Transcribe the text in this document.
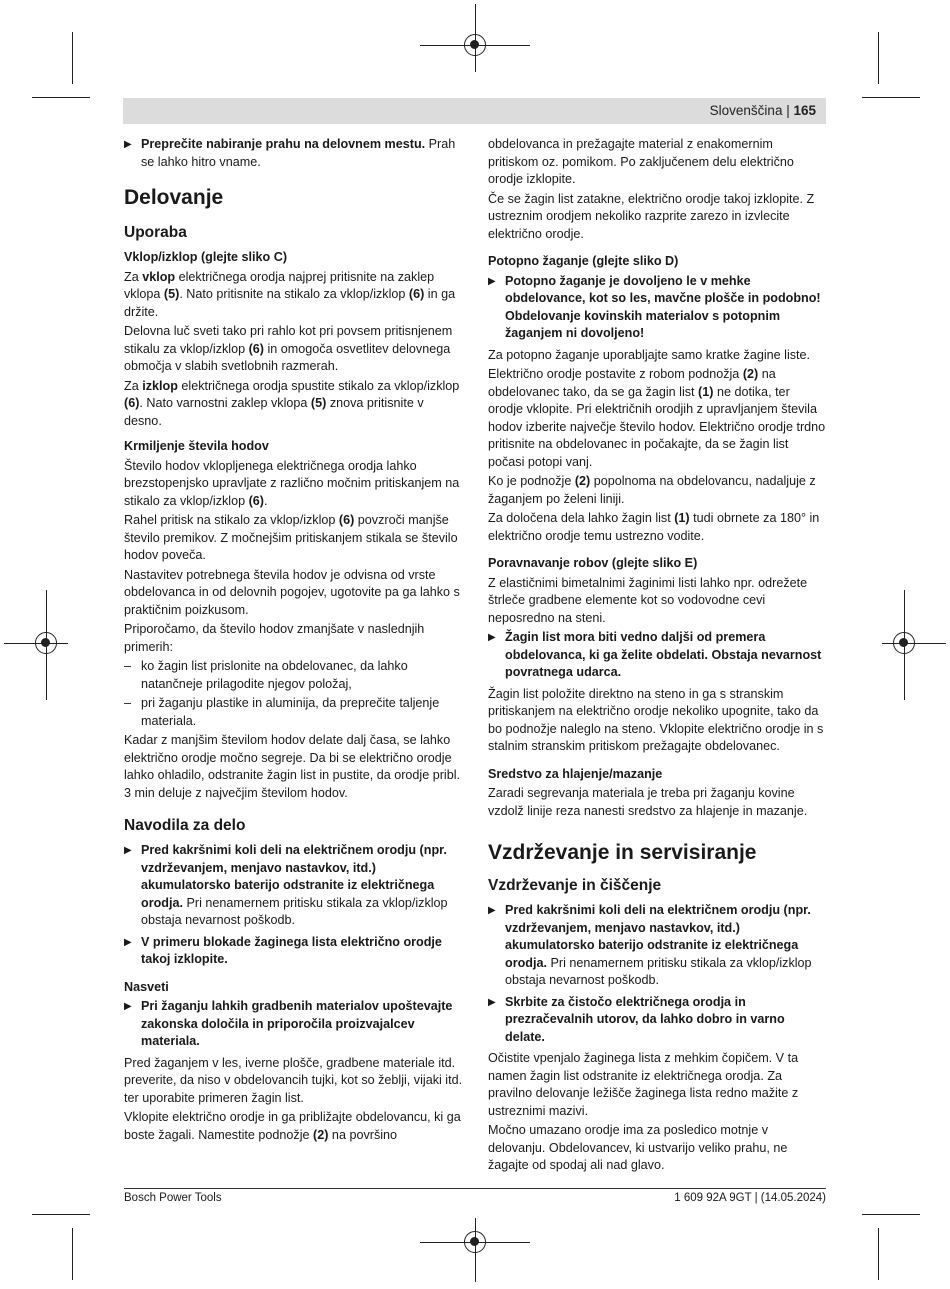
Slovenščina | 165

▶ Preprečite nabiranje prahu na delovnem mestu. Prah se lahko hitro vname.

Delovanje
Uporaba
Vklop/izklop (glejte sliko C)

Za vklop električnega orodja najprej pritisnite na zaklep vklopa (5). Nato pritisnite na stikalo za vklop/izklop (6) in ga držite.

Delovna luč sveti tako pri rahlo kot pri povsem pritisnjenem stikalu za vklop/izklop (6) in omogoča osvetlitev delovnega območja v slabih svetlobnih razmerah.

Za izklop električnega orodja spustite stikalo za vklop/izklop (6). Nato varnostni zaklep vklopa (5) znova pritisnite v desno.

Krmiljenje števila hodov

Število hodov vklopljenega električnega orodja lahko brezstopenjsko upravljate z različno močnim pritiskanjem na stikalo za vklop/izklop (6).

Rahel pritisk na stikalo za vklop/izklop (6) povzroči manjše število premikov. Z močnejšim pritiskanjem stikala se število hodov poveča.

Nastavitev potrebnega števila hodov je odvisna od vrste obdelovanca in od delovnih pogojev, ugotovite pa ga lahko s praktičnim poizkusom.

Priporočamo, da število hodov zmanjšate v naslednjih primerih:

– ko žagin list prislonite na obdelovanec, da lahko natančneje prilagodite njegov položaj,

– pri žaganju plastike in aluminija, da preprečite taljenje materiala.

Kadar z manjšim številom hodov delate dalj časa, se lahko električno orodje močno segreje. Da bi se električno orodje lahko ohladilo, odstranite žagin list in pustite, da orodje pribl. 3 min deluje z največjim številom hodov.

Navodila za delo

▶ Pred kakršnimi koli deli na električnem orodju (npr. vzdrževanjem, menjavo nastavkov, itd.) akumulatorsko baterijo odstranite iz električnega orodja. Pri nenamernem pritisku stikala za vklop/izklop obstaja nevarnost poškodb.

▶ V primeru blokade žaginega lista električno orodje takoj izklopite.

Nasveti

▶ Pri žaganju lahkih gradbenih materialov upoštevajte zakonska določila in priporočila proizvajalcev materiala.

Pred žaganjem v les, iverne plošče, gradbene materiale itd. preverite, da niso v obdelovancih tujki, kot so žeblji, vijaki itd. ter uporabite primeren žagin list.

Vklopite električno orodje in ga približajte obdelovancu, ki ga boste žagali. Namestite podnožje (2) na površino

obdelovanca in prežagajte material z enakomernim pritiskom oz. pomikom. Po zaključenem delu električno orodje izklopite.

Če se žagin list zatakne, električno orodje takoj izklopite. Z ustreznim orodjem nekoliko razprite zarezo in izvlecite električno orodje.

Potopno žaganje (glejte sliko D)

▶ Potopno žaganje je dovoljeno le v mehke obdelovance, kot so les, mavčne plošče in podobno! Obdelovanje kovinskih materialov s potopnim žaganjem ni dovoljeno!

Za potopno žaganje uporabljajte samo kratke žagine liste.

Električno orodje postavite z robom podnožja (2) na obdelovanec tako, da se ga žagin list (1) ne dotika, ter orodje vklopite. Pri električnih orodjih z upravljanjem števila hodov izberite največje število hodov. Električno orodje trdno pritisnite na obdelovanec in počakajte, da se žagin list počasi potopi vanj.

Ko je podnožje (2) popolnoma na obdelovancu, nadaljuje z žaganjem po želeni liniji.

Za določena dela lahko žagin list (1) tudi obrnete za 180° in električno orodje temu ustrezno vodite.

Poravnavanje robov (glejte sliko E)

Z elastičnimi bimetalnimi žaginimi listi lahko npr. odrežete štrleče gradbene elemente kot so vodovodne cevi neposredno na steni.

▶ Žagin list mora biti vedno daljši od premera obdelovanca, ki ga želite obdelati. Obstaja nevarnost povratnega udarca.

Žagin list položite direktno na steno in ga s stranskim pritiskanjem na električno orodje nekoliko upognite, tako da bo podnožje naleglo na steno. Vklopite električno orodje in s stalnim stranskim pritiskom prežagajte obdelovanec.

Sredstvo za hlajenje/mazanje

Zaradi segrevanja materiala je treba pri žaganju kovine vzdolž linije reza nanesti sredstvo za hlajenje in mazanje.

Vzdrževanje in servisiranje
Vzdrževanje in čiščenje

▶ Pred kakršnimi koli deli na električnem orodju (npr. vzdrževanjem, menjavo nastavkov, itd.) akumulatorsko baterijo odstranite iz električnega orodja. Pri nenamernem pritisku stikala za vklop/izklop obstaja nevarnost poškodb.

▶ Skrbite za čistočo električnega orodja in prezračevalnih utorov, da lahko dobro in varno delate.

Očistite vpenjalo žaginega lista z mehkim čopičem. V ta namen žagin list odstranite iz električnega orodja. Za pravilno delovanje ležišče žaginega lista redno mažite z ustreznimi mazivi.

Močno umazano orodje ima za posledico motnje v delovanju. Obdelovancev, ki ustvarijo veliko prahu, ne žagajte od spodaj ali nad glavo.

Bosch Power Tools	1 609 92A 9GT | (14.05.2024)
